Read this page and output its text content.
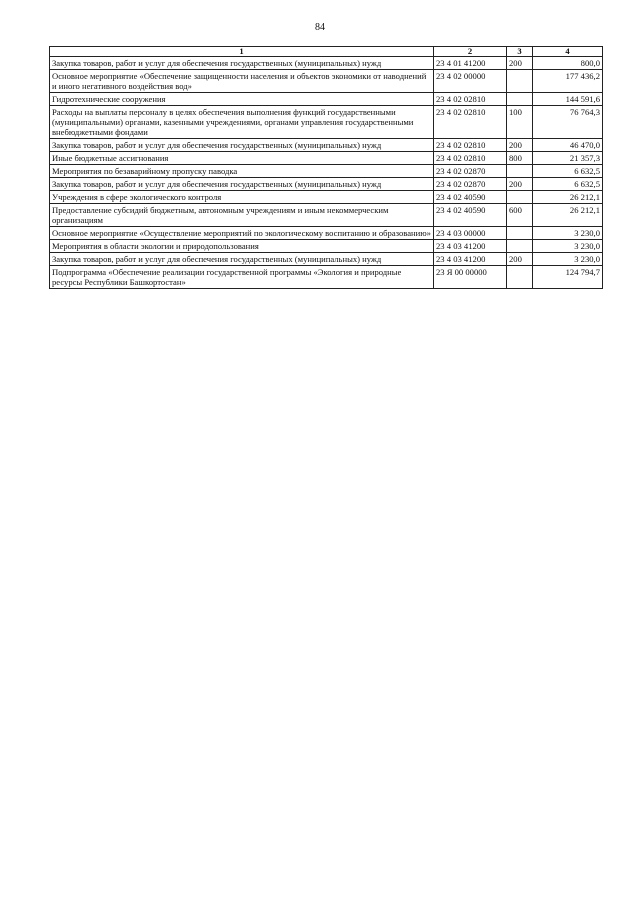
84
1	2	3	4
Закупка товаров, работ и услуг для обеспечения государственных (муниципальных) нужд	23 4 01 41200	200	800,0
Основное мероприятие «Обеспечение защищенности населения и объектов экономики от наводнений и иного негативного воздействия вод»	23 4 02 00000		177 436,2
Гидротехнические сооружения	23 4 02 02810		144 591,6
Расходы на выплаты персоналу в целях обеспечения выполнения функций государственными (муниципальными) органами, казенными учреждениями, органами управления государственными внебюджетными фондами	23 4 02 02810	100	76 764,3
Закупка товаров, работ и услуг для обеспечения государственных (муниципальных) нужд	23 4 02 02810	200	46 470,0
Иные бюджетные ассигнования	23 4 02 02810	800	21 357,3
Мероприятия по безаварийному пропуску паводка	23 4 02 02870		6 632,5
Закупка товаров, работ и услуг для обеспечения государственных (муниципальных) нужд	23 4 02 02870	200	6 632,5
Учреждения в сфере экологического контроля	23 4 02 40590		26 212,1
Предоставление субсидий бюджетным, автономным учреждениям и иным некоммерческим организациям	23 4 02 40590	600	26 212,1
Основное мероприятие «Осуществление мероприятий по экологическому воспитанию и образованию»	23 4 03 00000		3 230,0
Мероприятия в области экологии и природопользования	23 4 03 41200		3 230,0
Закупка товаров, работ и услуг для обеспечения государственных (муниципальных) нужд	23 4 03 41200	200	3 230,0
Подпрограмма «Обеспечение реализации государственной программы «Экология и природные ресурсы Республики Башкортостан»	23 Я 00 00000		124 794,7
